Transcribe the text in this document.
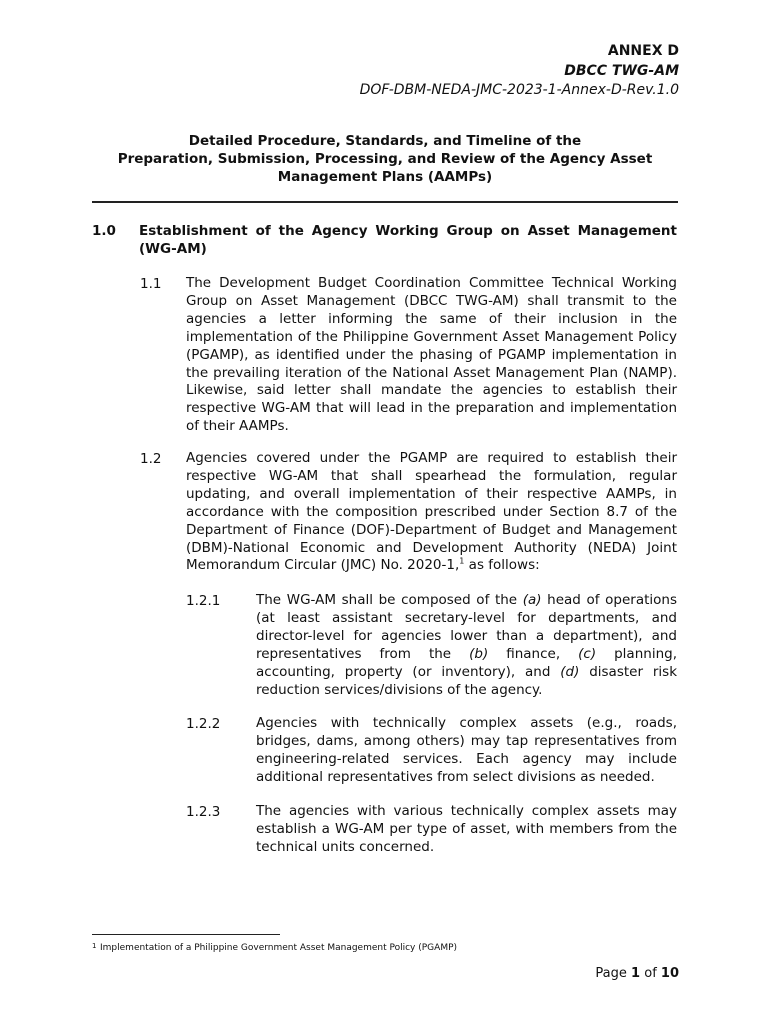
ANNEX D
DBCC TWG-AM
DOF-DBM-NEDA-JMC-2023-1-Annex-D-Rev.1.0
Detailed Procedure, Standards, and Timeline of the
Preparation, Submission, Processing, and Review of the Agency Asset
Management Plans (AAMPs)
1.0 Establishment of the Agency Working Group on Asset Management (WG-AM)
1.1 The Development Budget Coordination Committee Technical Working Group on Asset Management (DBCC TWG-AM) shall transmit to the agencies a letter informing the same of their inclusion in the implementation of the Philippine Government Asset Management Policy (PGAMP), as identified under the phasing of PGAMP implementation in the prevailing iteration of the National Asset Management Plan (NAMP). Likewise, said letter shall mandate the agencies to establish their respective WG-AM that will lead in the preparation and implementation of their AAMPs.
1.2 Agencies covered under the PGAMP are required to establish their respective WG-AM that shall spearhead the formulation, regular updating, and overall implementation of their respective AAMPs, in accordance with the composition prescribed under Section 8.7 of the Department of Finance (DOF)-Department of Budget and Management (DBM)-National Economic and Development Authority (NEDA) Joint Memorandum Circular (JMC) No. 2020-1,$^1$ as follows:
1.2.1	The WG-AM shall be composed of the (a) head of operations (at least assistant secretary-level for departments, and director-level for agencies lower than a department), and representatives from the (b) finance, (c) planning, accounting, property (or inventory), and (d) disaster risk reduction services/divisions of the agency.
1.2.2	Agencies with technically complex assets (e.g., roads, bridges, dams, among others) may tap representatives from engineering-related services. Each agency may include additional representatives from select divisions as needed.
1.2.3	The agencies with various technically complex assets may establish a WG-AM per type of asset, with members from the technical units concerned.
1 Implementation of a Philippine Government Asset Management Policy (PGAMP)
Page 1 of 10
